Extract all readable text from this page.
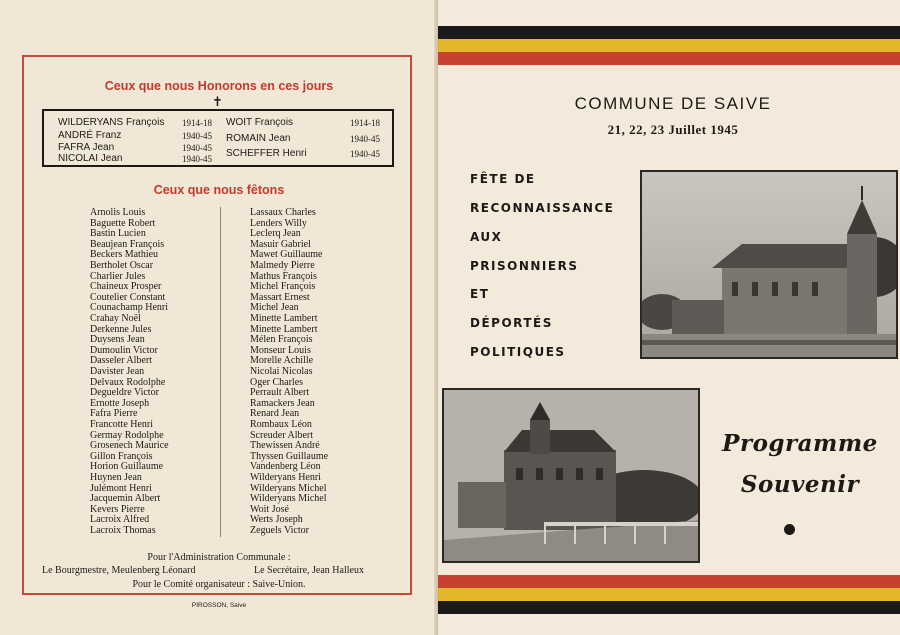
Ceux que nous Honorons en ces jours
✝
WILDERYANS François 1914-18
ANDRÉ Franz	1940-45
FAFRA Jean	1940-45
NICOLAI Jean	1940-45
WOIT François	1914-18
ROMAIN Jean	1940-45
SCHEFFER Henri	1940-45
Ceux que nous fêtons
Arnolis Louis
Baguette Robert
Bastin Lucien
Beaujean François
Beckers Mathieu
Bertholet Oscar
Charlier Jules
Chaineux Prosper
Coutelier Constant
Counachamp Henri
Crahay Noël
Derkenne Jules
Duysens Jean
Dumoulin Victor
Dasseler Albert
Davister Jean
Delvaux Rodolphe
Degueldre Victor
Ernotte Joseph
Fafra Pierre
Francotte Henri
Germay Rodolphe
Grosenech Maurice
Gillon François
Horion Guillaume
Huynen Jean
Julémont Henri
Jacquemin Albert
Kevers Pierre
Lacroix Alfred
Lacroix Thomas
Lassaux Charles
Lenders Willy
Leclerq Jean
Masuir Gabriel
Mawet Guillaume
Malmedy Pierre
Mathus François
Michel François
Massart Ernest
Michel Jean
Minette Lambert
Minette Lambert
Mélen François
Monseur Louis
Morelle Achille
Nicolai Nicolas
Oger Charles
Perrault Albert
Ramackers Jean
Renard Jean
Rombaux Léon
Screuder Albert
Thewissen André
Thyssen Guillaume
Vandenberg Léon
Wilderyans Henri
Wilderyans Michel
Wilderyans Michel
Woit José
Werts Joseph
Zeguels Victor
Pour l'Administration Communale :
Le Bourgmestre, Meulenberg Léonard	Le Secrétaire, Jean Halleux
Pour le Comité organisateur : Saive-Union.
PIROSSON, Saive
COMMUNE DE SAIVE
21, 22, 23 Juillet 1945
FÊTE DE
RECONNAISSANCE
AUX
PRISONNIERS
ET
DÉPORTÉS
POLITIQUES
Programme
Souvenir
